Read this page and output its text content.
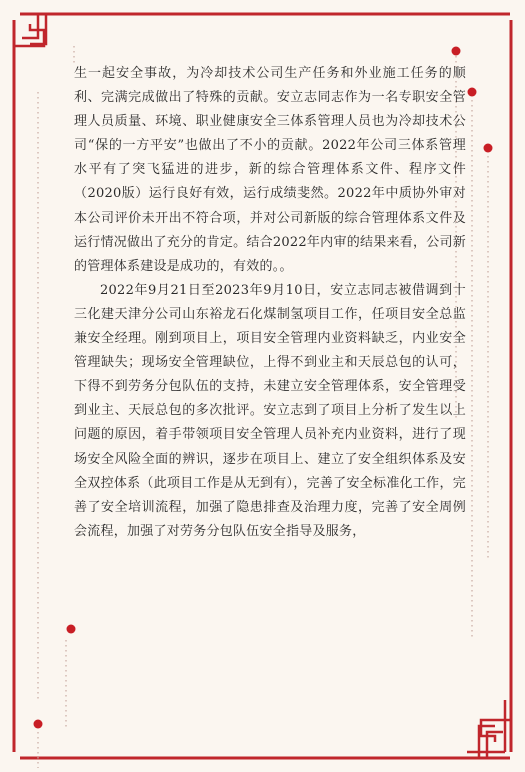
生一起安全事故，为冷却技术公司生产任务和外业施工任务的顺利、完满完成做出了特殊的贡献。安立志同志作为一名专职安全管理人员质量、环境、职业健康安全三体系管理人员也为冷却技术公司“保的一方平安”也做出了不小的贡献。2022年公司三体系管理水平有了突飞猛进的进步，新的综合管理体系文件、程序文件（2020版）运行良好有效，运行成绩斐然。2022年中质协外审对本公司评价未开出不符合项，并对公司新版的综合管理体系文件及运行情况做出了充分的肯定。结合2022年内审的结果来看，公司新的管理体系建设是成功的，有效的。。

2022年9月21日至2023年9月10日，安立志同志被借调到十三化建天津分公司山东裕龙石化煤制氢项目工作，任项目安全总监兼安全经理。刚到项目上，项目安全管理内业资料缺乏，内业安全管理缺失；现场安全管理缺位，上得不到业主和天辰总包的认可，下得不到劳务分包队伍的支持，未建立安全管理体系，安全管理受到业主、天辰总包的多次批评。安立志到了项目上分析了发生以上问题的原因，着手带领项目安全管理人员补充内业资料，进行了现场安全风险全面的辨识，逐步在项目上、建立了安全组织体系及安全双控体系（此项目工作是从无到有），完善了安全标准化工作，完善了安全培训流程，加强了隐患排查及治理力度，完善了安全周例会流程，加强了对劳务分包队伍安全指导及服务，
